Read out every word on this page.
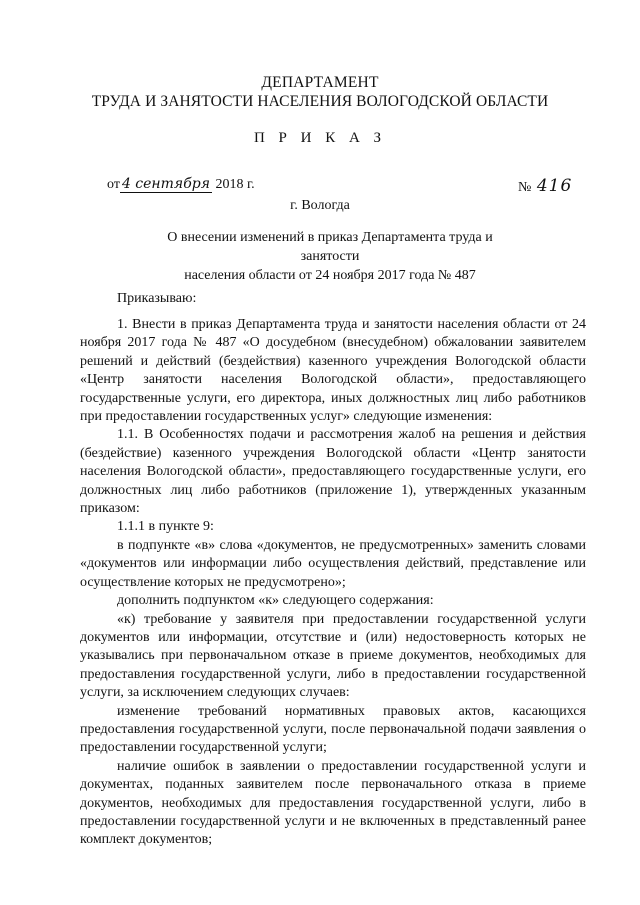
ДЕПАРТАМЕНТ
ТРУДА И ЗАНЯТОСТИ НАСЕЛЕНИЯ ВОЛОГОДСКОЙ ОБЛАСТИ
П Р И К А З
от 4 сентября 2018 г.	№ 416
г. Вологда
О внесении изменений в приказ Департамента труда и занятости
населения области от 24 ноября 2017 года № 487
Приказываю:

1. Внести в приказ Департамента труда и занятости населения области от 24 ноября 2017 года № 487 «О досудебном (внесудебном) обжаловании заявителем решений и действий (бездействия) казенного учреждения Вологодской области «Центр занятости населения Вологодской области», предоставляющего государственные услуги, его директора, иных должностных лиц либо работников при предоставлении государственных услуг» следующие изменения:

1.1. В Особенностях подачи и рассмотрения жалоб на решения и действия (бездействие) казенного учреждения Вологодской области «Центр занятости населения Вологодской области», предоставляющего государственные услуги, его должностных лиц либо работников (приложение 1), утвержденных указанным приказом:

1.1.1 в пункте 9:

в подпункте «в» слова «документов, не предусмотренных» заменить словами «документов или информации либо осуществления действий, представление или осуществление которых не предусмотрено»;

дополнить подпунктом «к» следующего содержания:

«к) требование у заявителя при предоставлении государственной услуги документов или информации, отсутствие и (или) недостоверность которых не указывались при первоначальном отказе в приеме документов, необходимых для предоставления государственной услуги, либо в предоставлении государственной услуги, за исключением следующих случаев:

изменение требований нормативных правовых актов, касающихся предоставления государственной услуги, после первоначальной подачи заявления о предоставлении государственной услуги;

наличие ошибок в заявлении о предоставлении государственной услуги и документах, поданных заявителем после первоначального отказа в приеме документов, необходимых для предоставления государственной услуги, либо в предоставлении государственной услуги и не включенных в представленный ранее комплект документов;
